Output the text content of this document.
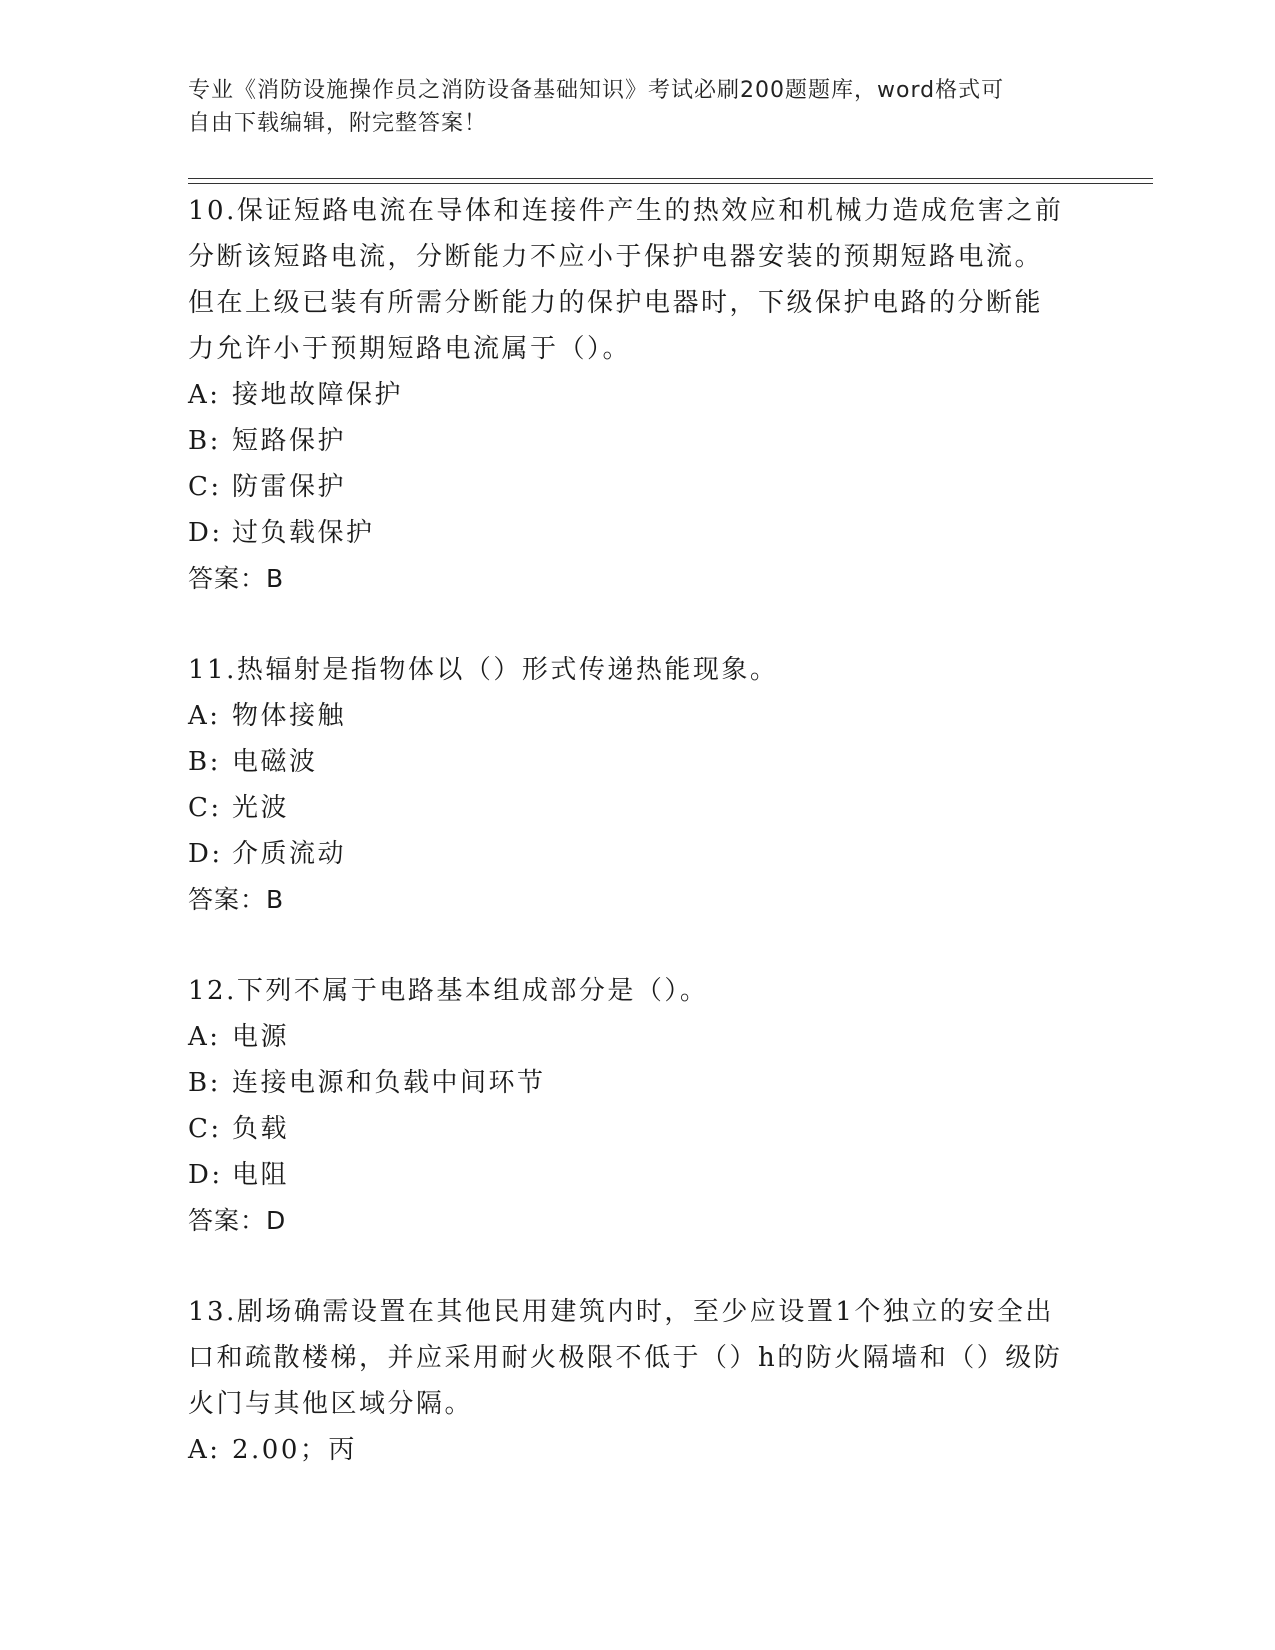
专业《消防设施操作员之消防设备基础知识》考试必刷200题题库，word格式可
自由下载编辑，附完整答案！

10.保证短路电流在导体和连接件产生的热效应和机械力造成危害之前

分断该短路电流，分断能力不应小于保护电器安装的预期短路电流。

但在上级已装有所需分断能力的保护电器时，下级保护电路的分断能

力允许小于预期短路电流属于（）。

A: 接地故障保护

B: 短路保护

C: 防雷保护

D: 过负载保护

答案：B

11.热辐射是指物体以（）形式传递热能现象。

A: 物体接触

B: 电磁波

C: 光波

D: 介质流动

答案：B

12.下列不属于电路基本组成部分是（）。

A: 电源

B: 连接电源和负载中间环节

C: 负载

D: 电阻

答案：D

13.剧场确需设置在其他民用建筑内时，至少应设置1个独立的安全出

口和疏散楼梯，并应采用耐火极限不低于（）h的防火隔墙和（）级防

火门与其他区域分隔。

A: 2.00；丙
